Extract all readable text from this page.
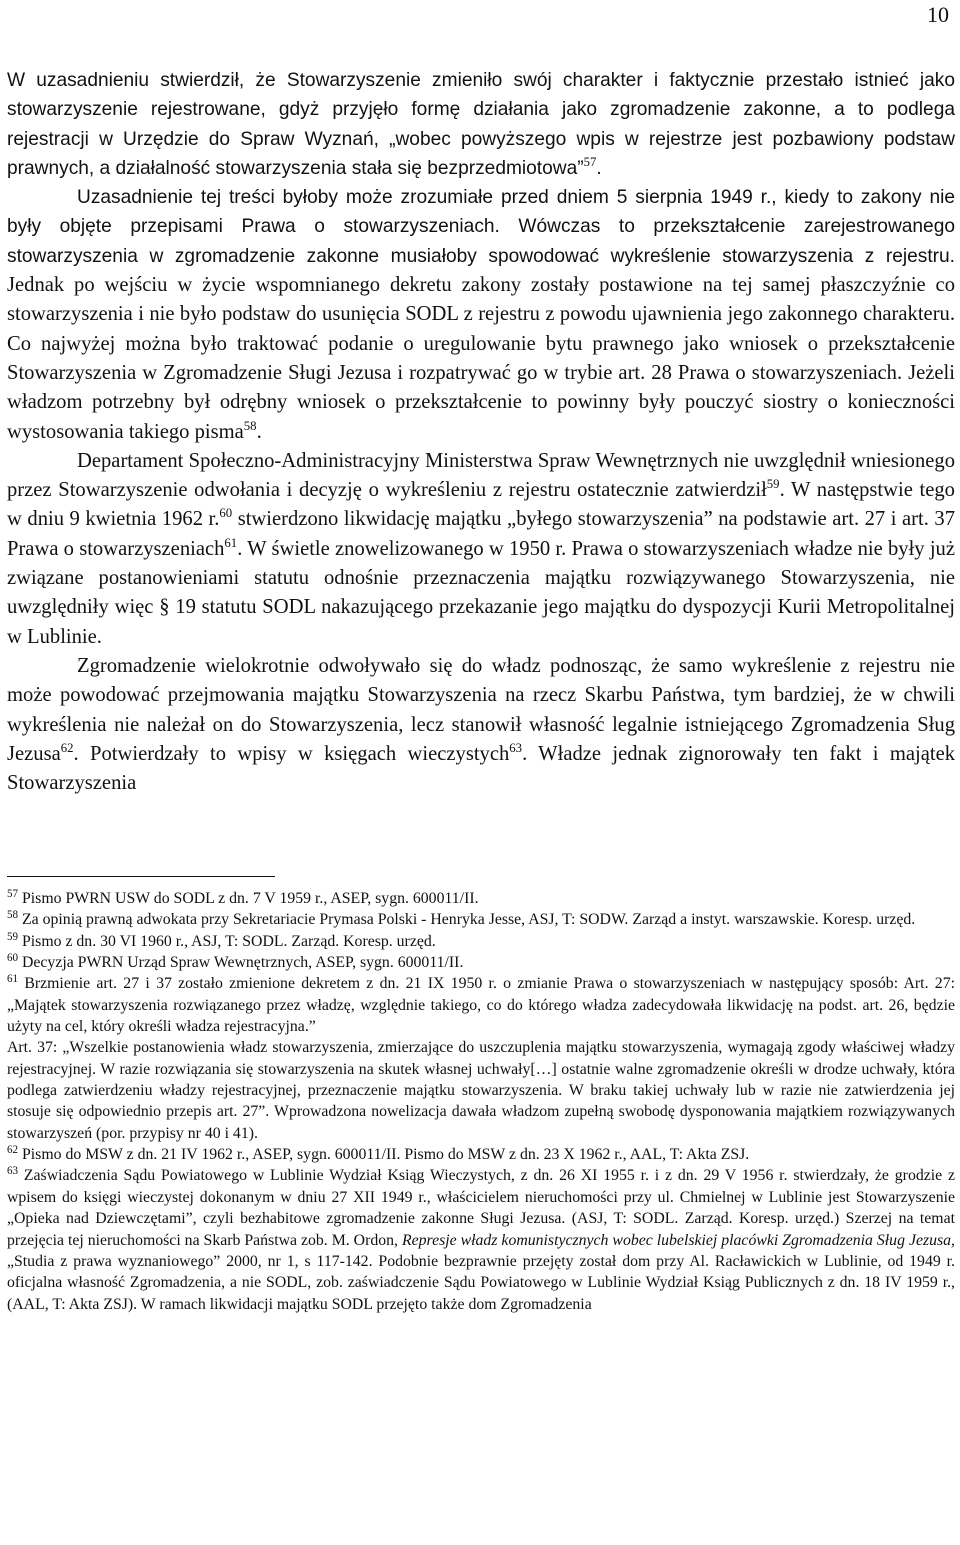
10

W uzasadnieniu stwierdził, że Stowarzyszenie zmieniło swój charakter i faktycznie przestało istnieć jako stowarzyszenie rejestrowane, gdyż przyjęło formę działania jako zgromadzenie zakonne, a to podlega rejestracji w Urzędzie do Spraw Wyznań, „wobec powyższego wpis w rejestrze jest pozbawiony podstaw prawnych, a działalność stowarzyszenia stała się bezprzedmiotowa”$^{57}$.

Uzasadnienie tej treści byłoby może zrozumiałe przed dniem 5 sierpnia 1949 r., kiedy to zakony nie były objęte przepisami Prawa o stowarzyszeniach. Wówczas to przekształcenie zarejestrowanego stowarzyszenia w zgromadzenie zakonne musiałoby spowodować wykreślenie stowarzyszenia z rejestru. Jednak po wejściu w życie wspomnianego dekretu zakony zostały postawione na tej samej płaszczyźnie co stowarzyszenia i nie było podstaw do usunięcia SODL z rejestru z powodu ujawnienia jego zakonnego charakteru. Co najwyżej można było traktować podanie o uregulowanie bytu prawnego jako wniosek o przekształcenie Stowarzyszenia w Zgromadzenie Sługi Jezusa i rozpatrywać go w trybie art. 28 Prawa o stowarzyszeniach. Jeżeli władzom potrzebny był odrębny wniosek o przekształcenie to powinny były pouczyć siostry o konieczności wystosowania takiego pisma$^{58}$.

Departament Społeczno-Administracyjny Ministerstwa Spraw Wewnętrznych nie uwzględnił wniesionego przez Stowarzyszenie odwołania i decyzję o wykreśleniu z rejestru ostatecznie zatwierdził$^{59}$. W następstwie tego w dniu 9 kwietnia 1962 r.$^{60}$ stwierdzono likwidację majątku „byłego stowarzyszenia” na podstawie art. 27 i art. 37 Prawa o stowarzyszeniach$^{61}$. W świetle znowelizowanego w 1950 r. Prawa o stowarzyszeniach władze nie były już związane postanowieniami statutu odnośnie przeznaczenia majątku rozwiązywanego Stowarzyszenia, nie uwzględniły więc § 19 statutu SODL nakazującego przekazanie jego majątku do dyspozycji Kurii Metropolitalnej w Lublinie.

Zgromadzenie wielokrotnie odwoływało się do władz podnosząc, że samo wykreślenie z rejestru nie może powodować przejmowania majątku Stowarzyszenia na rzecz Skarbu Państwa, tym bardziej, że w chwili wykreślenia nie należał on do Stowarzyszenia, lecz stanowił własność legalnie istniejącego Zgromadzenia Sług Jezusa$^{62}$. Potwierdzały to wpisy w księgach wieczystych$^{63}$. Władze jednak zignorowały ten fakt i majątek Stowarzyszenia

$^{57}$ Pismo PWRN USW do SODL z dn. 7 V 1959 r., ASEP, sygn. 600011/II.

$^{58}$ Za opinią prawną adwokata przy Sekretariacie Prymasa Polski - Henryka Jesse, ASJ, T: SODW. Zarząd a instyt. warszawskie. Koresp. urzęd.

$^{59}$ Pismo z dn. 30 VI 1960 r., ASJ, T: SODL. Zarząd. Koresp. urzęd.

$^{60}$ Decyzja PWRN Urząd Spraw Wewnętrznych, ASEP, sygn. 600011/II.

$^{61}$ Brzmienie art. 27 i 37 zostało zmienione dekretem z dn. 21 IX 1950 r. o zmianie Prawa o stowarzyszeniach w następujący sposób: Art. 27: „Majątek stowarzyszenia rozwiązanego przez władzę, względnie takiego, co do którego władza zadecydowała likwidację na podst. art. 26, będzie użyty na cel, który określi władza rejestracyjna.”

Art. 37: „Wszelkie postanowienia władz stowarzyszenia, zmierzające do uszczuplenia majątku stowarzyszenia, wymagają zgody właściwej władzy rejestracyjnej. W razie rozwiązania się stowarzyszenia na skutek własnej uchwały[…] ostatnie walne zgromadzenie określi w drodze uchwały, która podlega zatwierdzeniu władzy rejestracyjnej, przeznaczenie majątku stowarzyszenia. W braku takiej uchwały lub w razie nie zatwierdzenia jej stosuje się odpowiednio przepis art. 27”. Wprowadzona nowelizacja dawała władzom zupełną swobodę dysponowania majątkiem rozwiązywanych stowarzyszeń (por. przypisy nr 40 i 41).

$^{62}$ Pismo do MSW z dn. 21 IV 1962 r., ASEP, sygn. 600011/II. Pismo do MSW z dn. 23 X 1962 r., AAL, T: Akta ZSJ.

$^{63}$ Zaświadczenia Sądu Powiatowego w Lublinie Wydział Ksiąg Wieczystych, z dn. 26 XI 1955 r. i z dn. 29 V 1956 r. stwierdzały, że grodzie z wpisem do księgi wieczystej dokonanym w dniu 27 XII 1949 r., właścicielem nieruchomości przy ul. Chmielnej w Lublinie jest Stowarzyszenie „Opieka nad Dziewczętami”, czyli bezhabitowe zgromadzenie zakonne Sługi Jezusa. (ASJ, T: SODL. Zarząd. Koresp. urzęd.) Szerzej na temat przejęcia tej nieruchomości na Skarb Państwa zob. M. Ordon, Represje władz komunistycznych wobec lubelskiej placówki Zgromadzenia Sług Jezusa, „Studia z prawa wyznaniowego” 2000, nr 1, s 117-142. Podobnie bezprawnie przejęty został dom przy Al. Racławickich w Lublinie, od 1949 r. oficjalna własność Zgromadzenia, a nie SODL, zob. zaświadczenie Sądu Powiatowego w Lublinie Wydział Ksiąg Publicznych z dn. 18 IV 1959 r., (AAL, T: Akta ZSJ). W ramach likwidacji majątku SODL przejęto także dom Zgromadzenia
